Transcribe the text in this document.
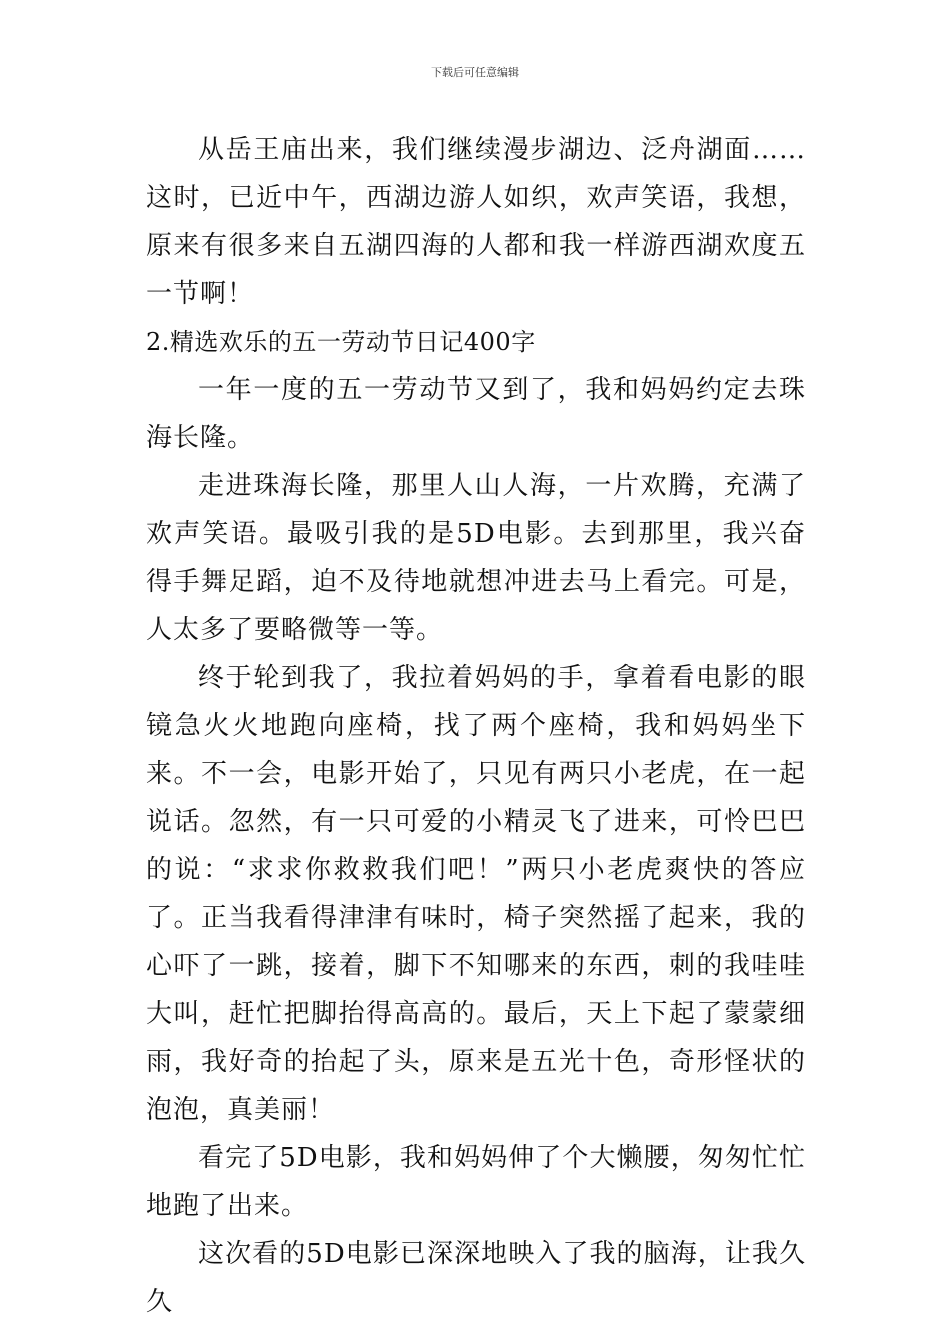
下载后可任意编辑

从岳王庙出来，我们继续漫步湖边、泛舟湖面……这时，已近中午，西湖边游人如织，欢声笑语，我想，原来有很多来自五湖四海的人都和我一样游西湖欢度五一节啊！

2.精选欢乐的五一劳动节日记400字

一年一度的五一劳动节又到了，我和妈妈约定去珠海长隆。

走进珠海长隆，那里人山人海，一片欢腾，充满了欢声笑语。最吸引我的是5D电影。去到那里，我兴奋得手舞足蹈，迫不及待地就想冲进去马上看完。可是，人太多了要略微等一等。

终于轮到我了，我拉着妈妈的手，拿着看电影的眼镜急火火地跑向座椅，找了两个座椅，我和妈妈坐下来。不一会，电影开始了，只见有两只小老虎，在一起说话。忽然，有一只可爱的小精灵飞了进来，可怜巴巴的说：“求求你救救我们吧！”两只小老虎爽快的答应了。正当我看得津津有味时，椅子突然摇了起来，我的心吓了一跳，接着，脚下不知哪来的东西，刺的我哇哇大叫，赶忙把脚抬得高高的。最后，天上下起了蒙蒙细雨，我好奇的抬起了头，原来是五光十色，奇形怪状的泡泡，真美丽！

看完了5D电影，我和妈妈伸了个大懒腰，匆匆忙忙地跑了出来。

这次看的5D电影已深深地映入了我的脑海，让我久久
